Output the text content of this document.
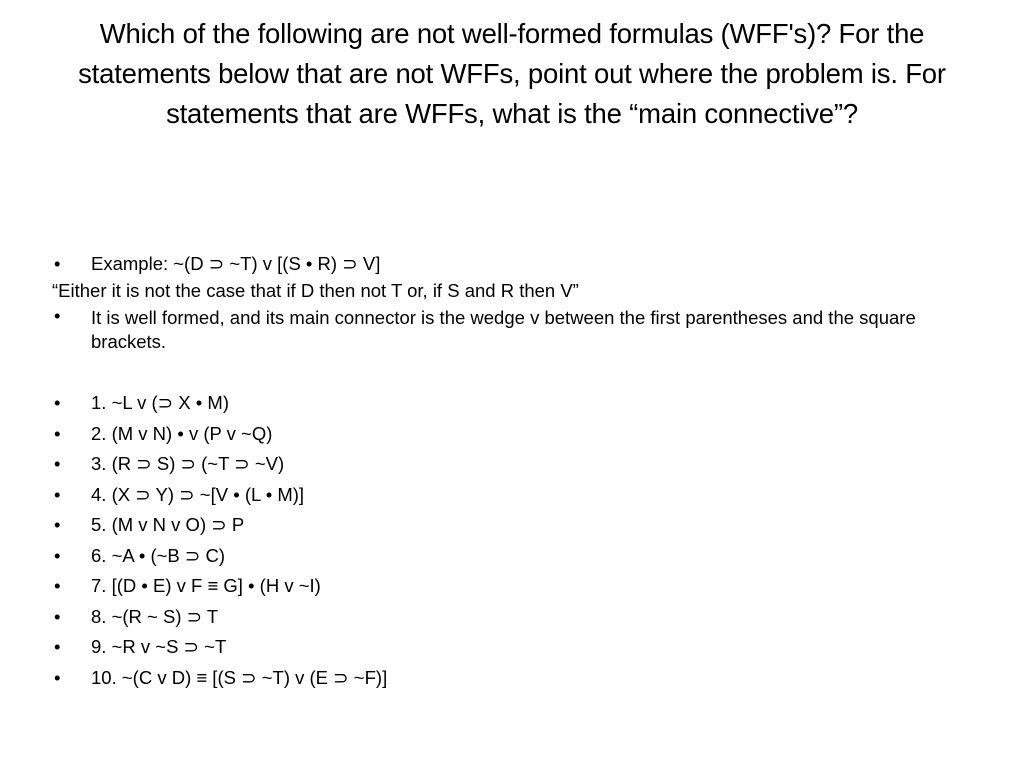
Which of the following are not well-formed formulas (WFF's)? For the statements below that are not WFFs, point out where the problem is. For statements that are WFFs, what is the “main connective”?
• Example: ~(D ⊃ ~T) v [(S • R) ⊃ V]
“Either it is not the case that if D then not T or, if S and R then V”
• It is well formed, and its main connector is the wedge v between the first parentheses and the square brackets.
• 1. ~L v (⊃ X • M)
• 2. (M v N) • v (P v ~Q)
• 3. (R ⊃ S) ⊃ (~T ⊃ ~V)
• 4. (X ⊃ Y) ⊃ ~[V • (L • M)]
• 5. (M v N v O) ⊃ P
• 6. ~A • (~B ⊃ C)
• 7. [(D • E) v F ≡ G] • (H v ~I)
• 8. ~(R ~ S) ⊃ T
• 9. ~R v ~S ⊃ ~T
• 10. ~(C v D) ≡ [(S ⊃ ~T) v (E ⊃ ~F)]
